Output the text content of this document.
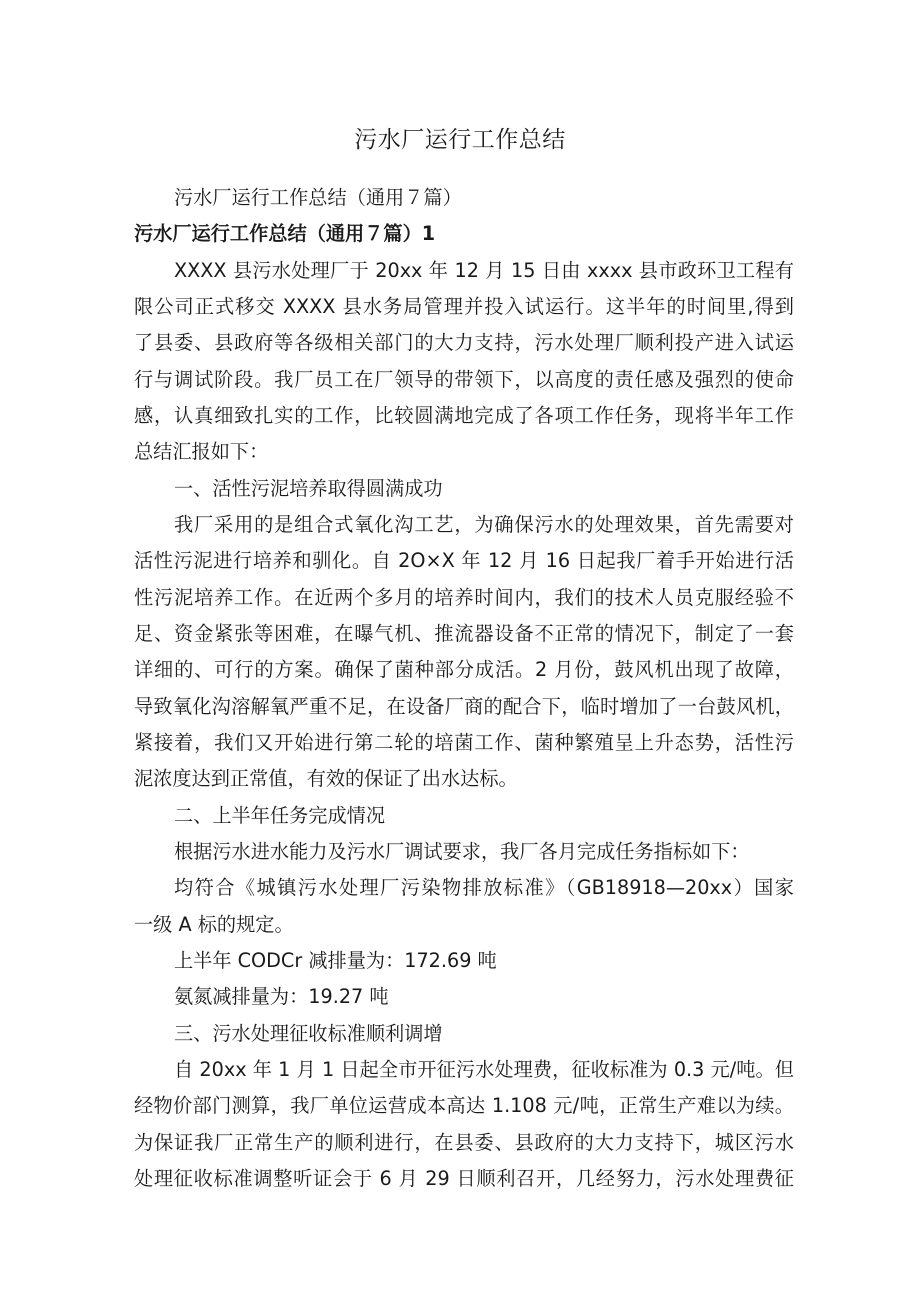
污水厂运行工作总结
污水厂运行工作总结（通用７篇）
污水厂运行工作总结（通用７篇）1
XXXX 县污水处理厂于 20xx 年 12 月 15 日由 xxxx 县市政环卫工程有
限公司正式移交 XXXX 县水务局管理并投入试运行。这半年的时间里,得到
了县委、县政府等各级相关部门的大力支持，污水处理厂顺利投产进入试运
行与调试阶段。我厂员工在厂领导的带领下，以高度的责任感及强烈的使命
感，认真细致扎实的工作，比较圆满地完成了各项工作任务，现将半年工作
总结汇报如下：
一、活性污泥培养取得圆满成功
我厂采用的是组合式氧化沟工艺，为确保污水的处理效果，首先需要对
活性污泥进行培养和驯化。自 2O×X 年 12 月 16 日起我厂着手开始进行活
性污泥培养工作。在近两个多月的培养时间内，我们的技术人员克服经验不
足、资金紧张等困难，在曝气机、推流器设备不正常的情况下，制定了一套
详细的、可行的方案。确保了菌种部分成活。2 月份，鼓风机出现了故障，
导致氧化沟溶解氧严重不足，在设备厂商的配合下，临时增加了一台鼓风机，
紧接着，我们又开始进行第二轮的培菌工作、菌种繁殖呈上升态势，活性污
泥浓度达到正常值，有效的保证了出水达标。
二、上半年任务完成情况
根据污水进水能力及污水厂调试要求，我厂各月完成任务指标如下：
均符合《城镇污水处理厂污染物排放标准》（GB18918—20xx）国家
一级 A 标的规定。
上半年 CODCr 减排量为：172.69 吨
氨氮减排量为：19.27 吨
三、污水处理征收标准顺利调增
自 20xx 年 1 月 1 日起全市开征污水处理费，征收标准为 0.3 元/吨。但
经物价部门测算，我厂单位运营成本高达 1.108 元/吨，正常生产难以为续。
为保证我厂正常生产的顺利进行，在县委、县政府的大力支持下，城区污水
处理征收标准调整听证会于 6 月 29 日顺利召开，几经努力，污水处理费征
